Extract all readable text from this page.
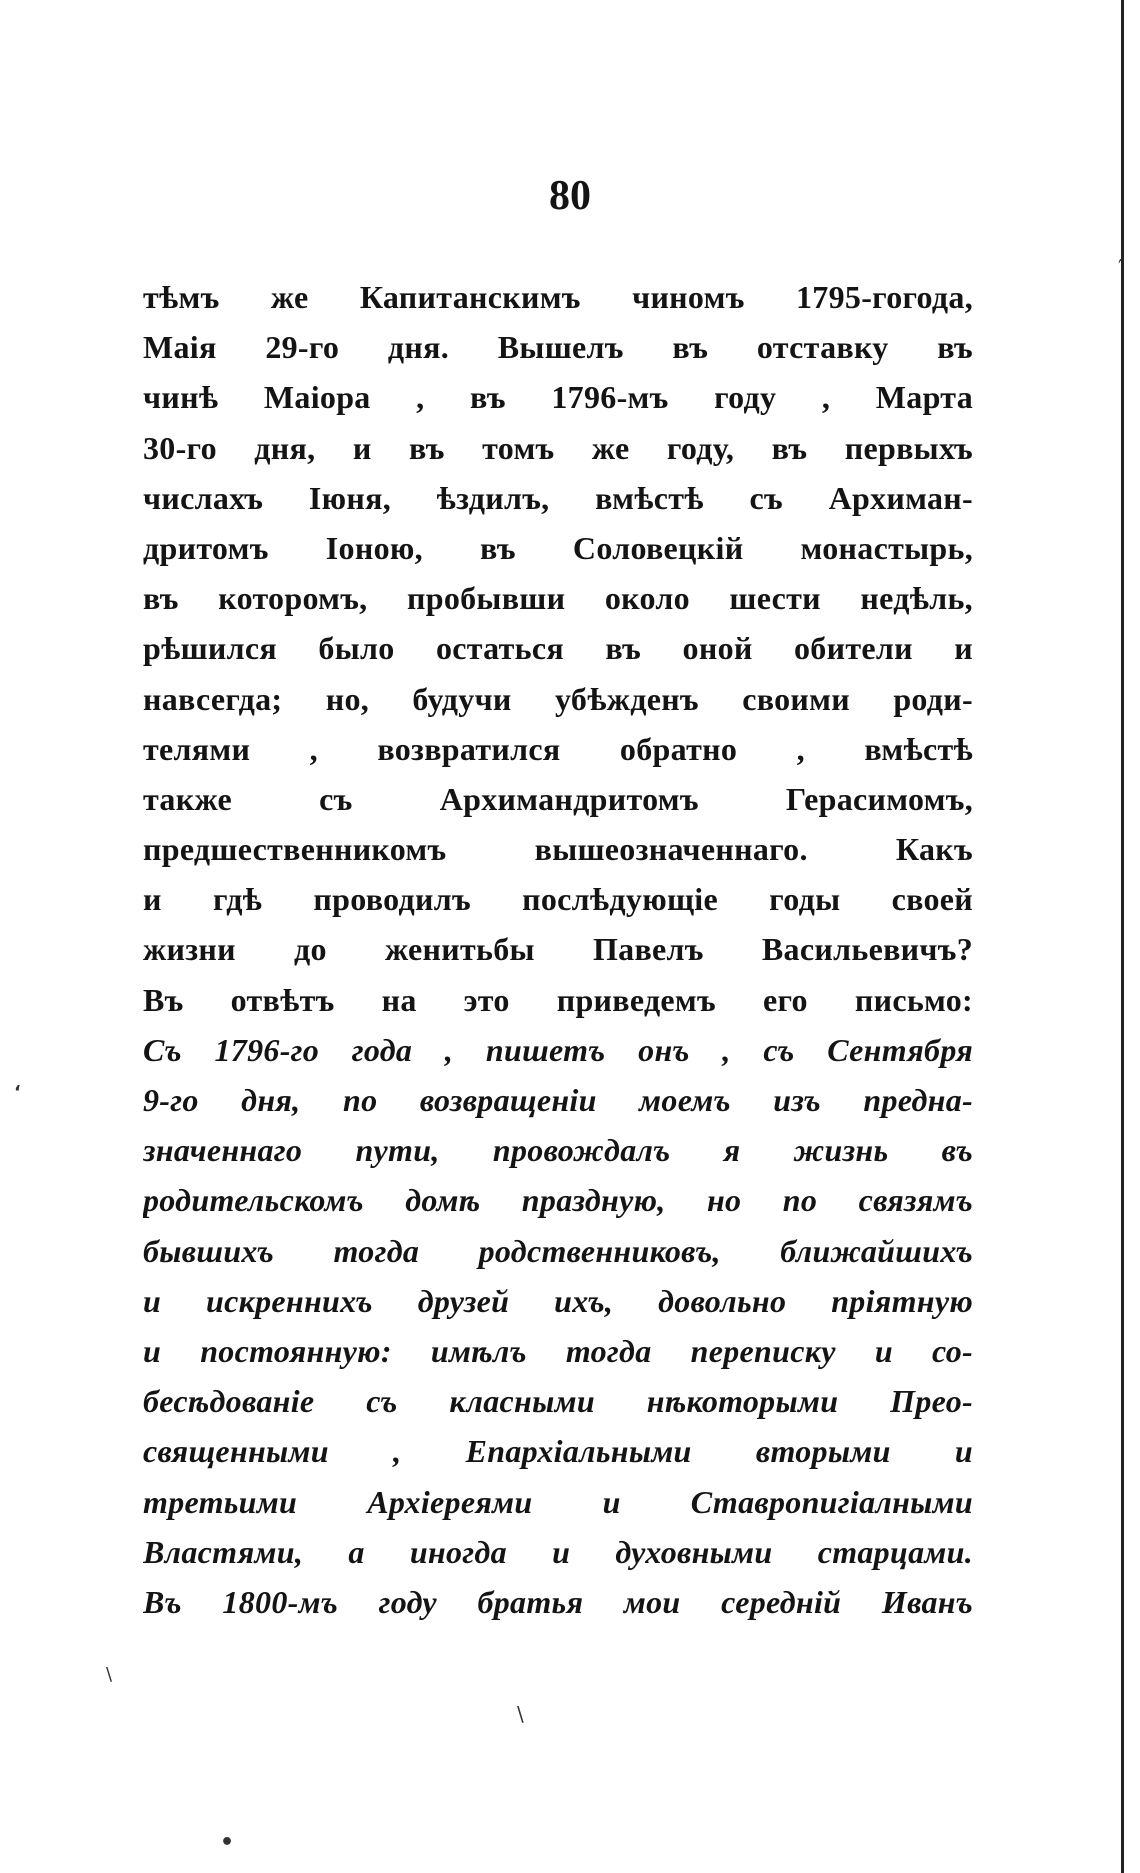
′
ʻ
\
\
•
80
тѣмъ же Капитанскимъ чиномъ 1795-гогода,
Маія 29-го дня. Вышелъ въ отставку въ
чинѣ Маіора , въ 1796-мъ году , Марта
30-го дня, и въ томъ же году, въ первыхъ
числахъ Іюня, ѣздилъ, вмѣстѣ съ Архиман-
дритомъ Іоною, въ Соловецкій монастырь,
въ которомъ, пробывши около шести недѣль,
рѣшился было остаться въ оной обители и
навсегда; но, будучи убѣжденъ своими роди-
телями , возвратился обратно , вмѣстѣ
также съ Архимандритомъ Герасимомъ,
предшественникомъ вышеозначеннаго. Какъ
и гдѣ проводилъ послѣдующіе годы своей
жизни до женитьбы Павелъ Васильевичъ?
Въ отвѣтъ на это приведемъ его письмо:
Съ 1796-го года , пишетъ онъ , съ Сентября
9-го дня, по возвращеніи моемъ изъ предна-
значеннаго пути, провождалъ я жизнь въ
родительскомъ домѣ праздную, но по связямъ
бывшихъ тогда родственниковъ, ближайшихъ
и искреннихъ друзей ихъ, довольно пріятную
и постоянную: имѣлъ тогда переписку и со-
бесѣдованіе съ класными нѣкоторыми Прео-
священными , Епархіальными вторыми и
третьими Архіереями и Ставропигіалными
Властями, а иногда и духовными старцами.
Въ 1800-мъ году братья мои середній Иванъ
